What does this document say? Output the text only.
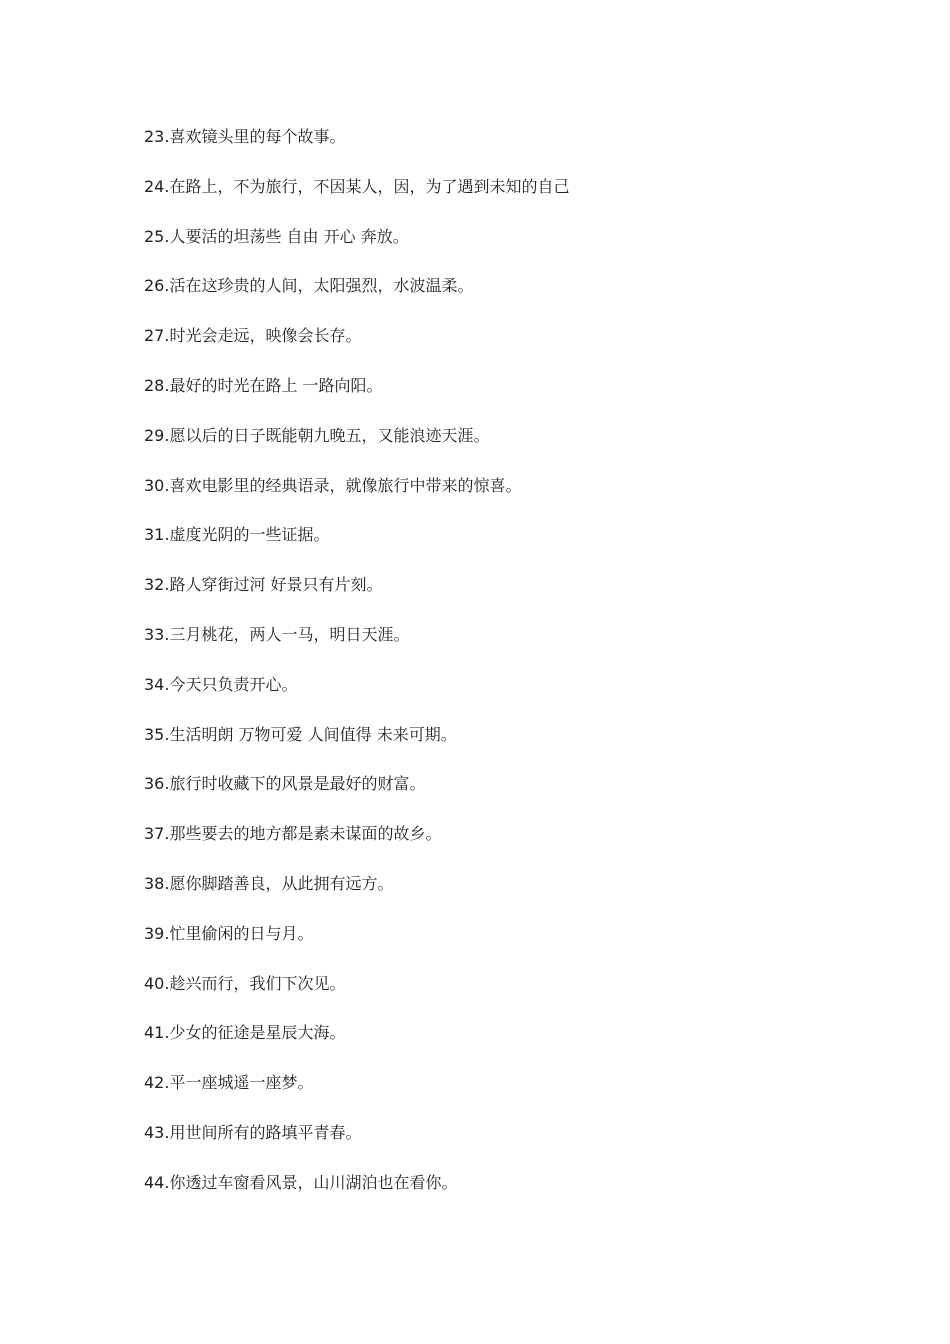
23.喜欢镜头里的每个故事。
24.在路上，不为旅行，不因某人，因，为了遇到未知的自己
25.人要活的坦荡些 自由 开心 奔放。
26.活在这珍贵的人间，太阳强烈，水波温柔。
27.时光会走远，映像会长存。
28.最好的时光在路上 一路向阳。
29.愿以后的日子既能朝九晚五，又能浪迹天涯。
30.喜欢电影里的经典语录，就像旅行中带来的惊喜。
31.虚度光阴的一些证据。
32.路人穿街过河 好景只有片刻。
33.三月桃花，两人一马，明日天涯。
34.今天只负责开心。
35.生活明朗 万物可爱 人间值得 未来可期。
36.旅行时收藏下的风景是最好的财富。
37.那些要去的地方都是素未谋面的故乡。
38.愿你脚踏善良，从此拥有远方。
39.忙里偷闲的日与月。
40.趁兴而行，我们下次见。
41.少女的征途是星辰大海。
42.平一座城遥一座梦。
43.用世间所有的路填平青春。
44.你透过车窗看风景，山川湖泊也在看你。
